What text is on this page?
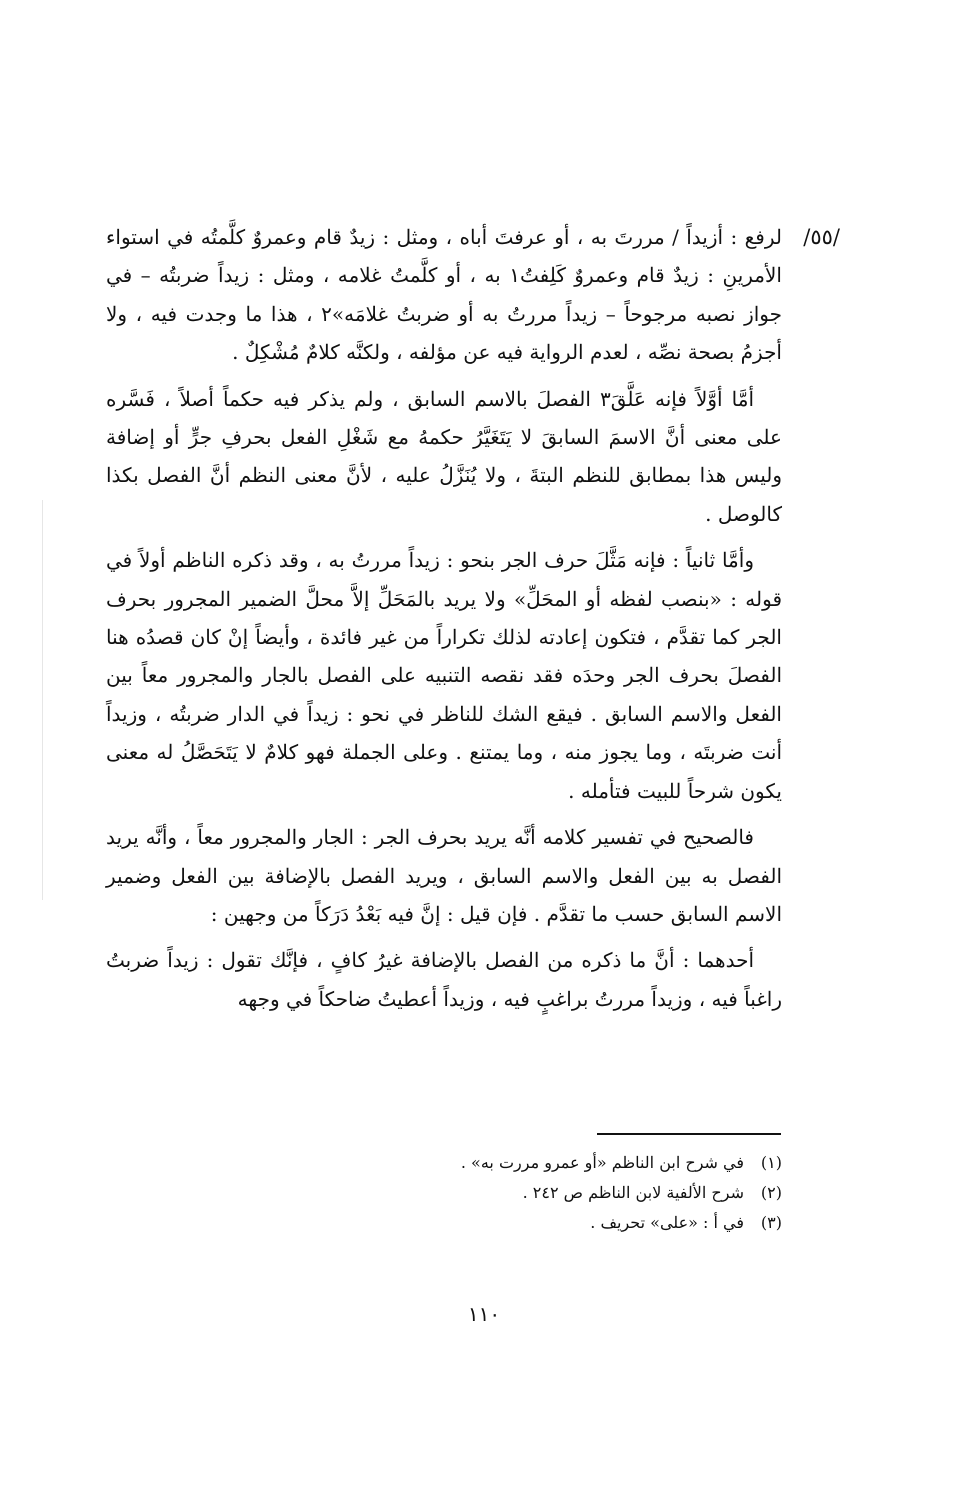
/٥٥/

لرفع : أزيداً / مررتَ به ، أو عرفتَ أباه ، ومثل : زيدٌ قام وعمروٌ كلَّمتُه في استواء الأمرينِ : زيدٌ قام وعمروٌ كَلِفتُ١ به ، أو كلَّمتُ غلامه ، ومثل : زيداً ضربتُه – في جواز نصبه مرجوحاً – زيداً مررتُ به أو ضربتُ غلامَه»٢ ، هذا ما وجدت فيه ، ولا أجزمُ بصحة نصِّه ، لعدم الرواية فيه عن مؤلفه ، ولكنَّه كلامٌ مُشْكِلٌ .

أمَّا أوَّلاً فإنه عَلَّقَ٣ الفصلَ بالاسم السابق ، ولم يذكر فيه حكماً أصلاً ، فَسَّره على معنى أنَّ الاسمَ السابقَ لا يَتَغَيَّرُ حكمهُ مع شَغْلِ الفعل بحرفِ جرٍّ أو إضافة وليس هذا بمطابق للنظم البتةَ ، ولا يُنَزَّلُ عليه ، لأنَّ معنى النظم أنَّ الفصل بكذا كالوصل .

وأمَّا ثانياً : فإنه مَثَّلَ حرف الجر بنحو : زيداً مررتُ به ، وقد ذكره الناظم أولاً في قوله : «بنصب لفظه أو المحَلِّ» ولا يريد بالمَحَلِّ إلاَّ محلَّ الضمير المجرور بحرف الجر كما تقدَّم ، فتكون إعادته لذلك تكراراً من غير فائدة ، وأيضاً إنْ كان قصدُه هنا الفصلَ بحرف الجر وحدَه فقد نقصه التنبيه على الفصل بالجار والمجرور معاً بين الفعل والاسم السابق . فيقع الشك للناظر في نحو : زيداً في الدار ضربتُه ، وزيداً أنت ضربتَه ، وما يجوز منه ، وما يمتنع . وعلى الجملة فهو كلامٌ لا يَتَحَصَّلُ له معنى يكون شرحاً للبيت فتأمله .

فالصحيح في تفسير كلامه أنَّه يريد بحرف الجر : الجار والمجرور معاً ، وأنَّه يريد الفصل به بين الفعل والاسم السابق ، ويريد الفصل بالإضافة بين الفعل وضمير الاسم السابق حسب ما تقدَّم . فإن قيل : إنَّ فيه بَعْدُ دَرَكاً من وجهين :

أحدهما : أنَّ ما ذكره من الفصل بالإضافة غيرُ كافٍ ، فإنَّك تقول : زيداً ضربتُ راغباً فيه ، وزيداً مررتُ براغبٍ فيه ، وزيداً أعطيتُ ضاحكاً في وجهه

(١)
في شرح ابن الناظم «أو عمرو مررت به» .
(٢)
شرح الألفية لابن الناظم ص ٢٤٢ .
(٣)
في أ : «على» تحريف .
١١٠
